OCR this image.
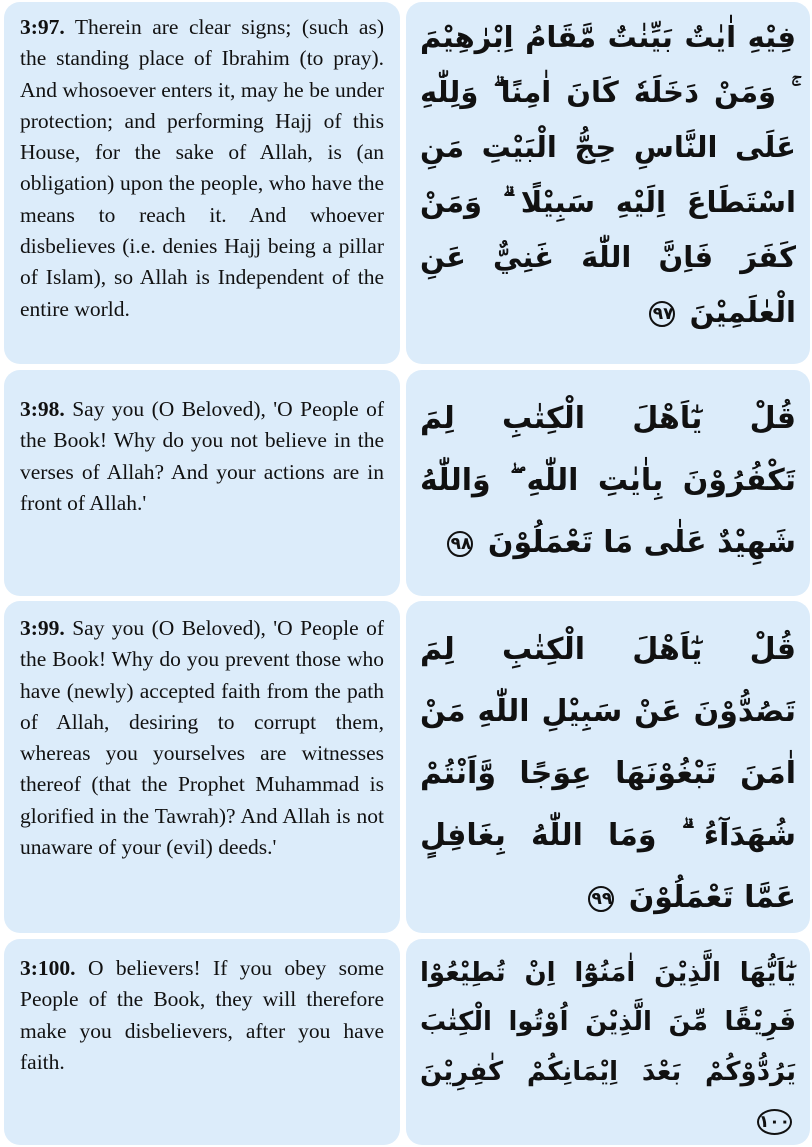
3:97. Therein are clear signs; (such as) the standing place of Ibrahim (to pray). And whosoever enters it, may he be under protection; and performing Hajj of this House, for the sake of Allah, is (an obligation) upon the people, who have the means to reach it. And whoever disbelieves (i.e. denies Hajj being a pillar of Islam), so Allah is Independent of the entire world.

فِيْهِ اٰيٰتٌ بَيِّنٰتٌ مَّقَامُ اِبْرٰهِيْمَ ۚ وَمَنْ دَخَلَهٗ كَانَ اٰمِنًا ۗ وَلِلّٰهِ عَلَى النَّاسِ حِجُّ الْبَيْتِ مَنِ اسْتَطَاعَ اِلَيْهِ سَبِيْلًا ۗ وَمَنْ كَفَرَ فَاِنَّ اللّٰهَ غَنِيٌّ عَنِ الْعٰلَمِيْنَ ٩٧

3:98. Say you (O Beloved), 'O People of the Book! Why do you not believe in the verses of Allah? And your actions are in front of Allah.'

قُلْ يٰٓاَهْلَ الْكِتٰبِ لِمَ تَكْفُرُوْنَ بِاٰيٰتِ اللّٰهِ ۖ وَاللّٰهُ شَهِيْدٌ عَلٰى مَا تَعْمَلُوْنَ ٩٨

3:99. Say you (O Beloved), 'O People of the Book! Why do you prevent those who have (newly) accepted faith from the path of Allah, desiring to corrupt them, whereas you yourselves are witnesses thereof (that the Prophet Muhammad is glorified in the Tawrah)? And Allah is not unaware of your (evil) deeds.'

قُلْ يٰٓاَهْلَ الْكِتٰبِ لِمَ تَصُدُّوْنَ عَنْ سَبِيْلِ اللّٰهِ مَنْ اٰمَنَ تَبْغُوْنَهَا عِوَجًا وَّاَنْتُمْ شُهَدَآءُ ۗ وَمَا اللّٰهُ بِغَافِلٍ عَمَّا تَعْمَلُوْنَ ٩٩

3:100. O believers! If you obey some People of the Book, they will therefore make you disbelievers, after you have faith.

يٰٓاَيُّهَا الَّذِيْنَ اٰمَنُوْٓا اِنْ تُطِيْعُوْا فَرِيْقًا مِّنَ الَّذِيْنَ اُوْتُوا الْكِتٰبَ يَرُدُّوْكُمْ بَعْدَ اِيْمَانِكُمْ كٰفِرِيْنَ ١٠٠
